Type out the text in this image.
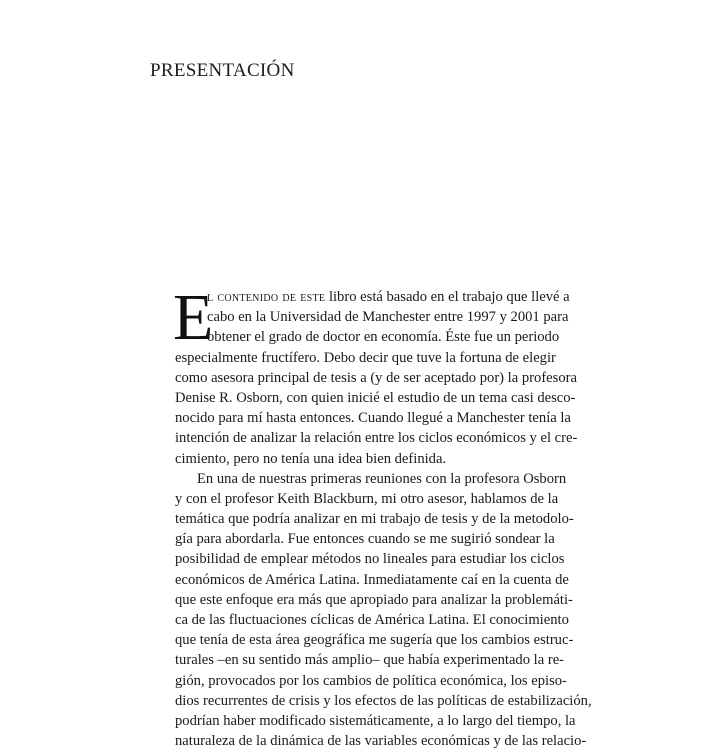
PRESENTACIÓN
E
l contenido de este libro está basado en el trabajo que llevé a
cabo en la Universidad de Manchester entre 1997 y 2001 para
obtener el grado de doctor en economía. Éste fue un periodo
especialmente fructífero. Debo decir que tuve la fortuna de elegir
como asesora principal de tesis a (y de ser aceptado por) la profesora
Denise R. Osborn, con quien inicié el estudio de un tema casi desco-
nocido para mí hasta entonces. Cuando llegué a Manchester tenía la
intención de analizar la relación entre los ciclos económicos y el cre-
cimiento, pero no tenía una idea bien definida.
En una de nuestras primeras reuniones con la profesora Osborn
y con el profesor Keith Blackburn, mi otro asesor, hablamos de la
temática que podría analizar en mi trabajo de tesis y de la metodolo-
gía para abordarla. Fue entonces cuando se me sugirió sondear la
posibilidad de emplear métodos no lineales para estudiar los ciclos
económicos de América Latina. Inmediatamente caí en la cuenta de
que este enfoque era más que apropiado para analizar la problemáti-
ca de las fluctuaciones cíclicas de América Latina. El conocimiento
que tenía de esta área geográfica me sugería que los cambios estruc-
turales –en su sentido más amplio– que había experimentado la re-
gión, provocados por los cambios de política económica, los episo-
dios recurrentes de crisis y los efectos de las políticas de estabilización,
podrían haber modificado sistemáticamente, a lo largo del tiempo, la
naturaleza de la dinámica de las variables económicas y de las relacio-
